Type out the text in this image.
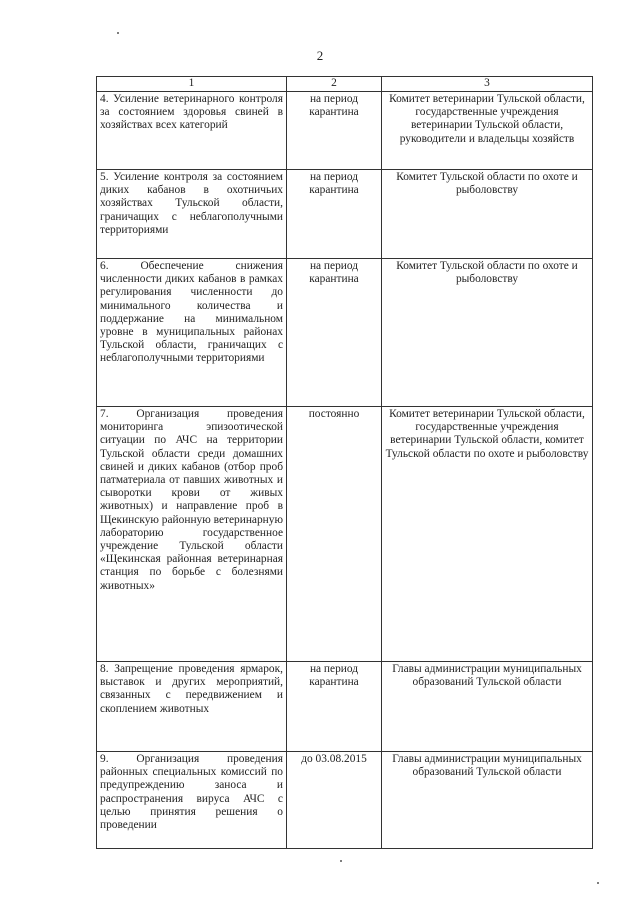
2
1	2	3
4. Усиление ветеринарного контроля за состоянием здоровья свиней в хозяйствах всех категорий	на период карантина	Комитет ветеринарии Тульской области, государственные учреждения ветеринарии Тульской области, руководители и владельцы хозяйств
5. Усиление контроля за состоянием диких кабанов в охотничьих хозяйствах Тульской области, граничащих с неблагополучными территориями	на период карантина	Комитет Тульской области по охоте и рыболовству
6. Обеспечение снижения численности диких кабанов в рамках регулирования численности до минимального количества и поддержание на минимальном уровне в муниципальных районах Тульской области, граничащих с неблагополучными территориями	на период карантина	Комитет Тульской области по охоте и рыболовству
7. Организация проведения мониторинга эпизоотической ситуации по АЧС на территории Тульской области среди домашних свиней и диких кабанов (отбор проб патматериала от павших животных и сыворотки крови от живых животных) и направление проб в Щекинскую районную ветеринарную лабораторию государственное учреждение Тульской области «Щекинская районная ветеринарная станция по борьбе с болезнями животных»	постоянно	Комитет ветеринарии Тульской области, государственные учреждения ветеринарии Тульской области, комитет Тульской области по охоте и рыболовству
8. Запрещение проведения ярмарок, выставок и других мероприятий, связанных с передвижением и скоплением животных	на период карантина	Главы администрации муниципальных образований Тульской области
9. Организация проведения районных специальных комиссий по предупреждению заноса и распространения вируса АЧС с целью принятия решения о проведении	до 03.08.2015	Главы администрации муниципальных образований Тульской области
